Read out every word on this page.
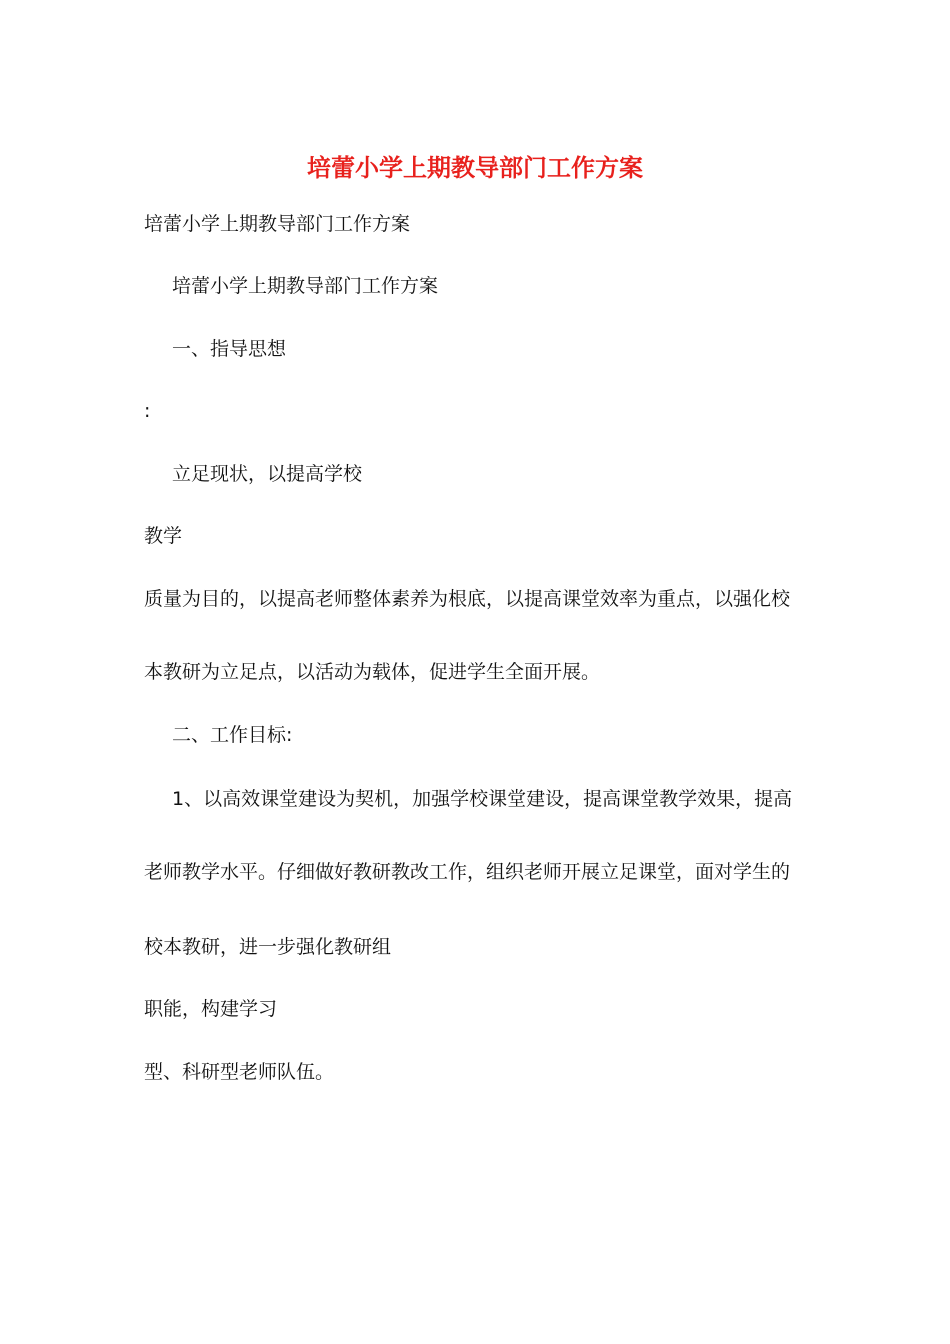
培蕾小学上期教导部门工作方案

培蕾小学上期教导部门工作方案

培蕾小学上期教导部门工作方案

一、指导思想

:

立足现状，以提高学校

教学

质量为目的，以提高老师整体素养为根底，以提高课堂效率为重点，以强化校

本教研为立足点，以活动为载体，促进学生全面开展。

二、工作目标:

1、以高效课堂建设为契机，加强学校课堂建设，提高课堂教学效果，提高

老师教学水平。仔细做好教研教改工作，组织老师开展立足课堂，面对学生的

校本教研，进一步强化教研组

职能，构建学习

型、科研型老师队伍。
